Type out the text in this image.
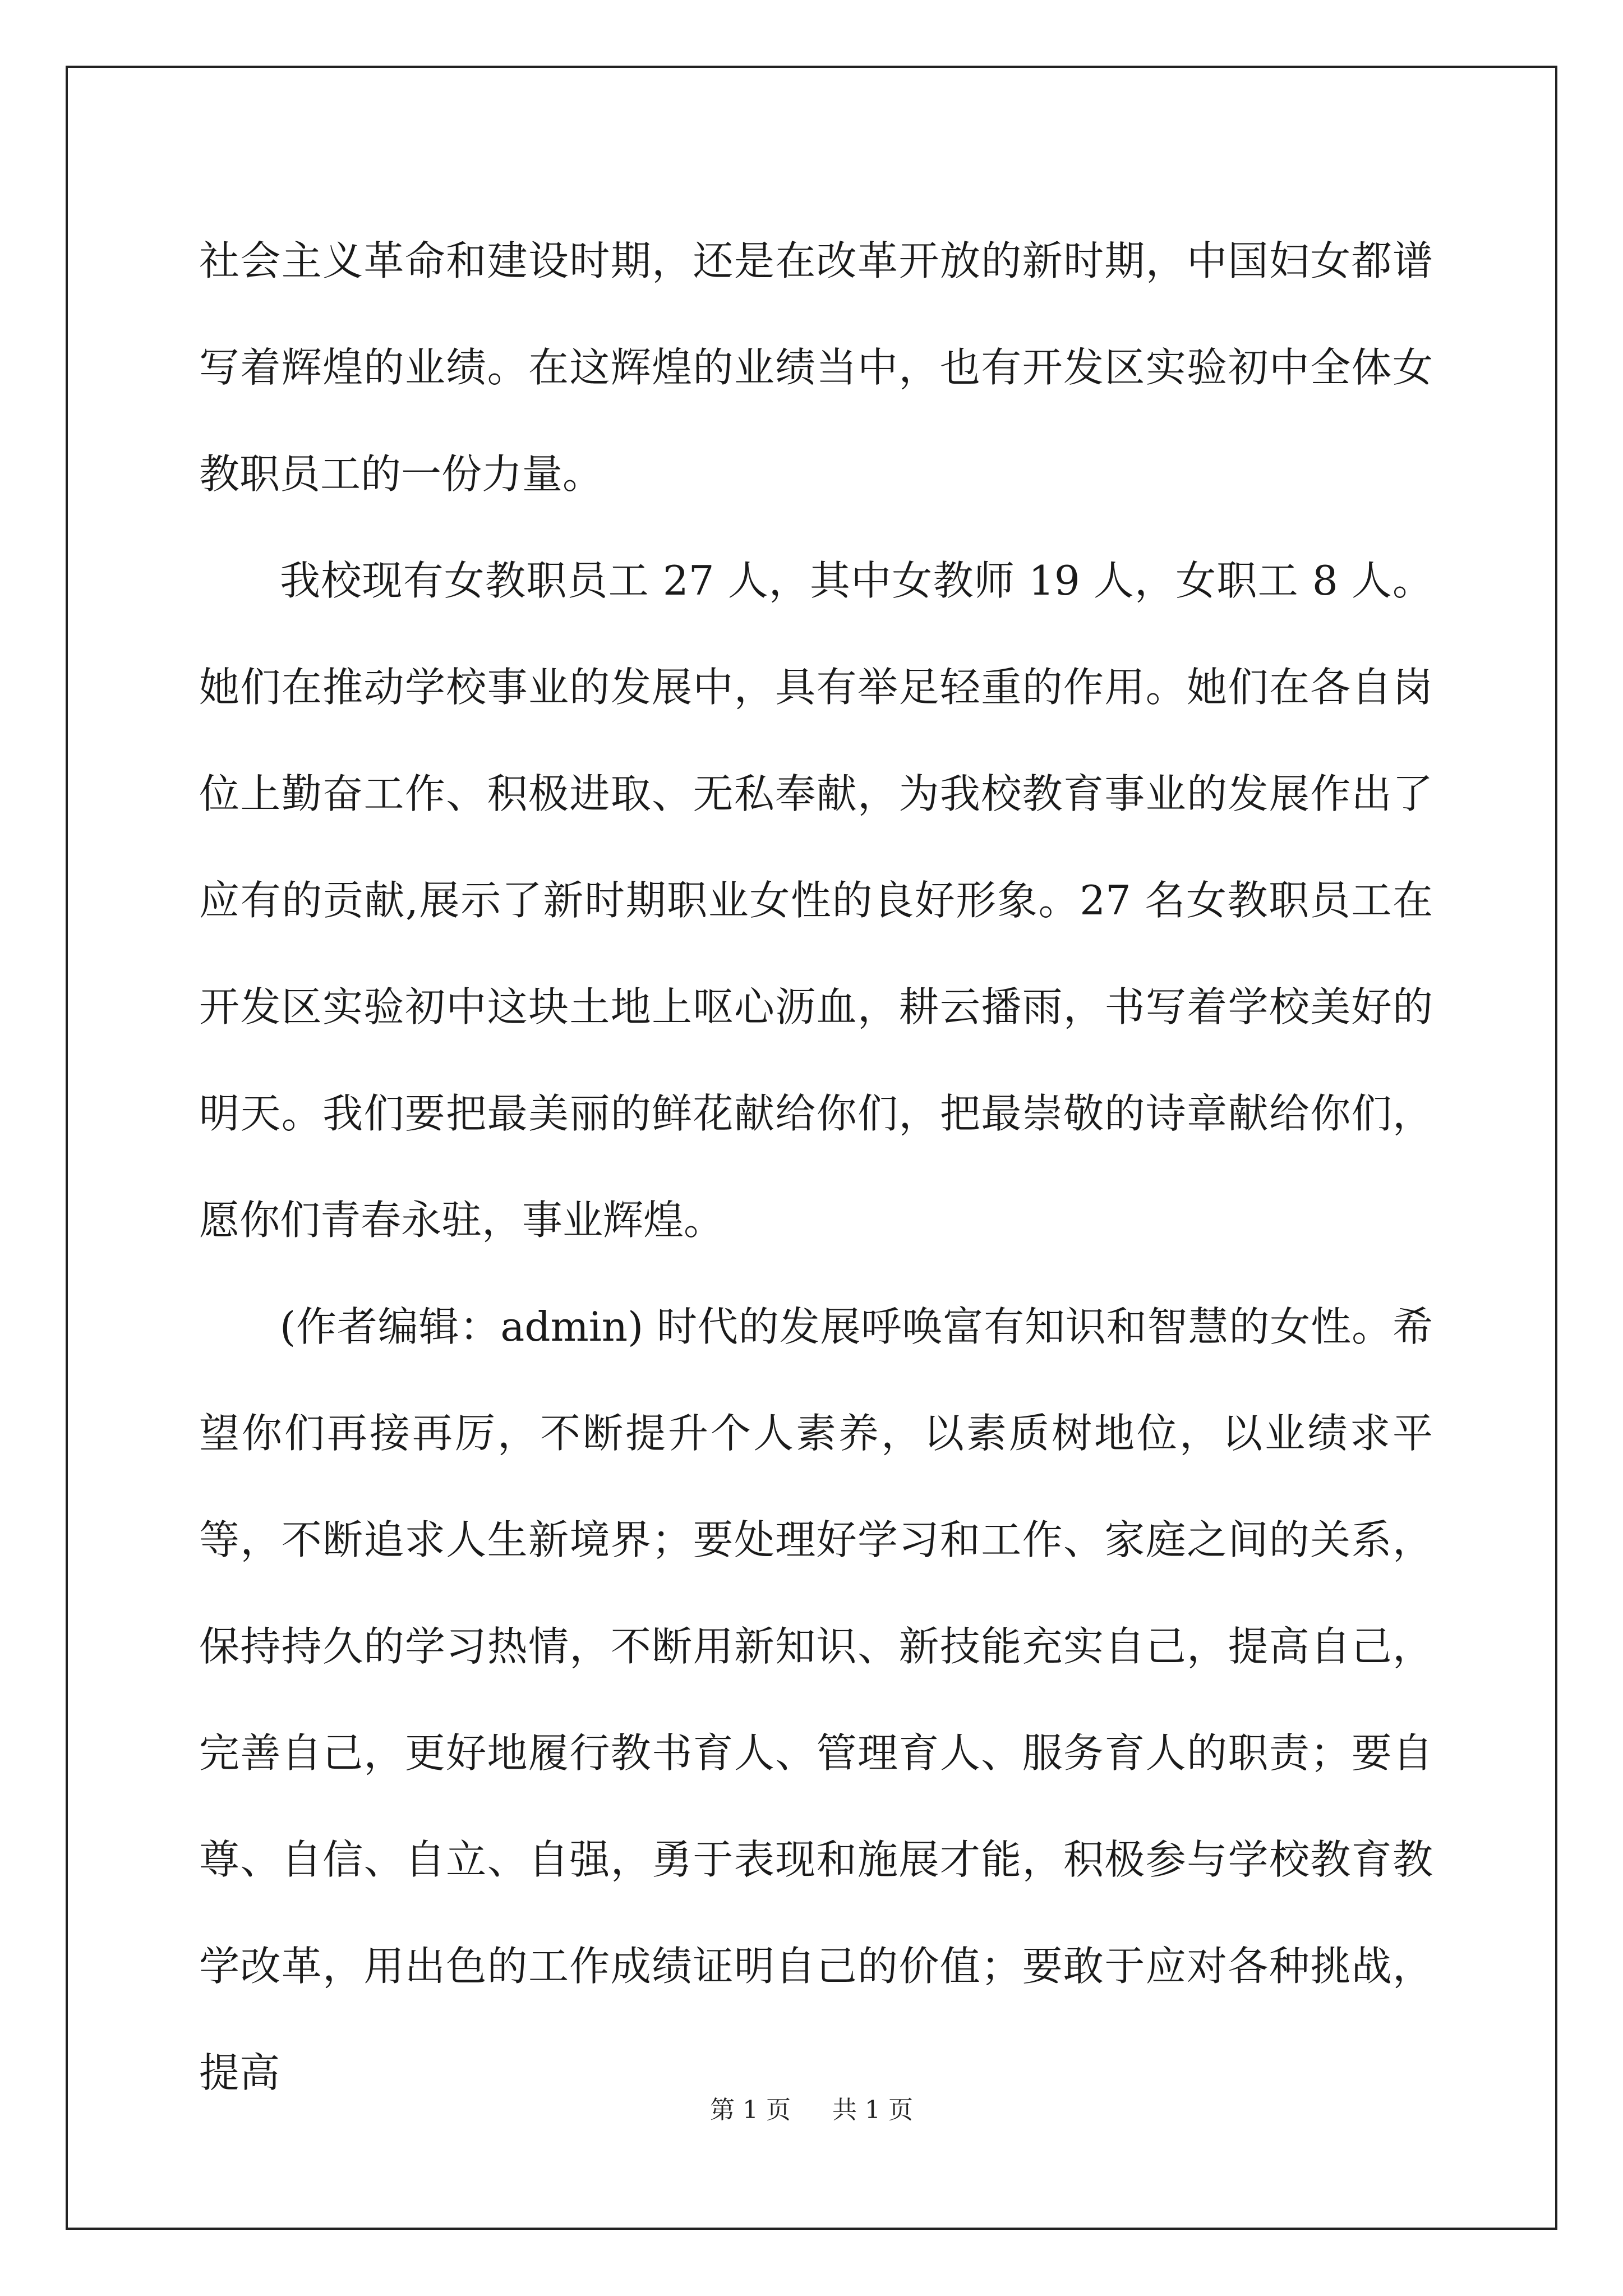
社会主义革命和建设时期，还是在改革开放的新时期，中国妇女都谱写着辉煌的业绩。在这辉煌的业绩当中，也有开发区实验初中全体女教职员工的一份力量。

我校现有女教职员工 27 人，其中女教师 19 人，女职工 8 人。她们在推动学校事业的发展中，具有举足轻重的作用。她们在各自岗位上勤奋工作、积极进取、无私奉献，为我校教育事业的发展作出了应有的贡献,展示了新时期职业女性的良好形象。27 名女教职员工在开发区实验初中这块土地上呕心沥血，耕云播雨，书写着学校美好的明天。我们要把最美丽的鲜花献给你们，把最崇敬的诗章献给你们，愿你们青春永驻，事业辉煌。

(作者编辑：admin) 时代的发展呼唤富有知识和智慧的女性。希望你们再接再厉，不断提升个人素养，以素质树地位，以业绩求平等，不断追求人生新境界；要处理好学习和工作、家庭之间的关系，保持持久的学习热情，不断用新知识、新技能充实自己，提高自己，完善自己，更好地履行教书育人、管理育人、服务育人的职责；要自尊、自信、自立、自强，勇于表现和施展才能，积极参与学校教育教学改革，用出色的工作成绩证明自己的价值；要敢于应对各种挑战，提高

第 1 页 共 1 页
